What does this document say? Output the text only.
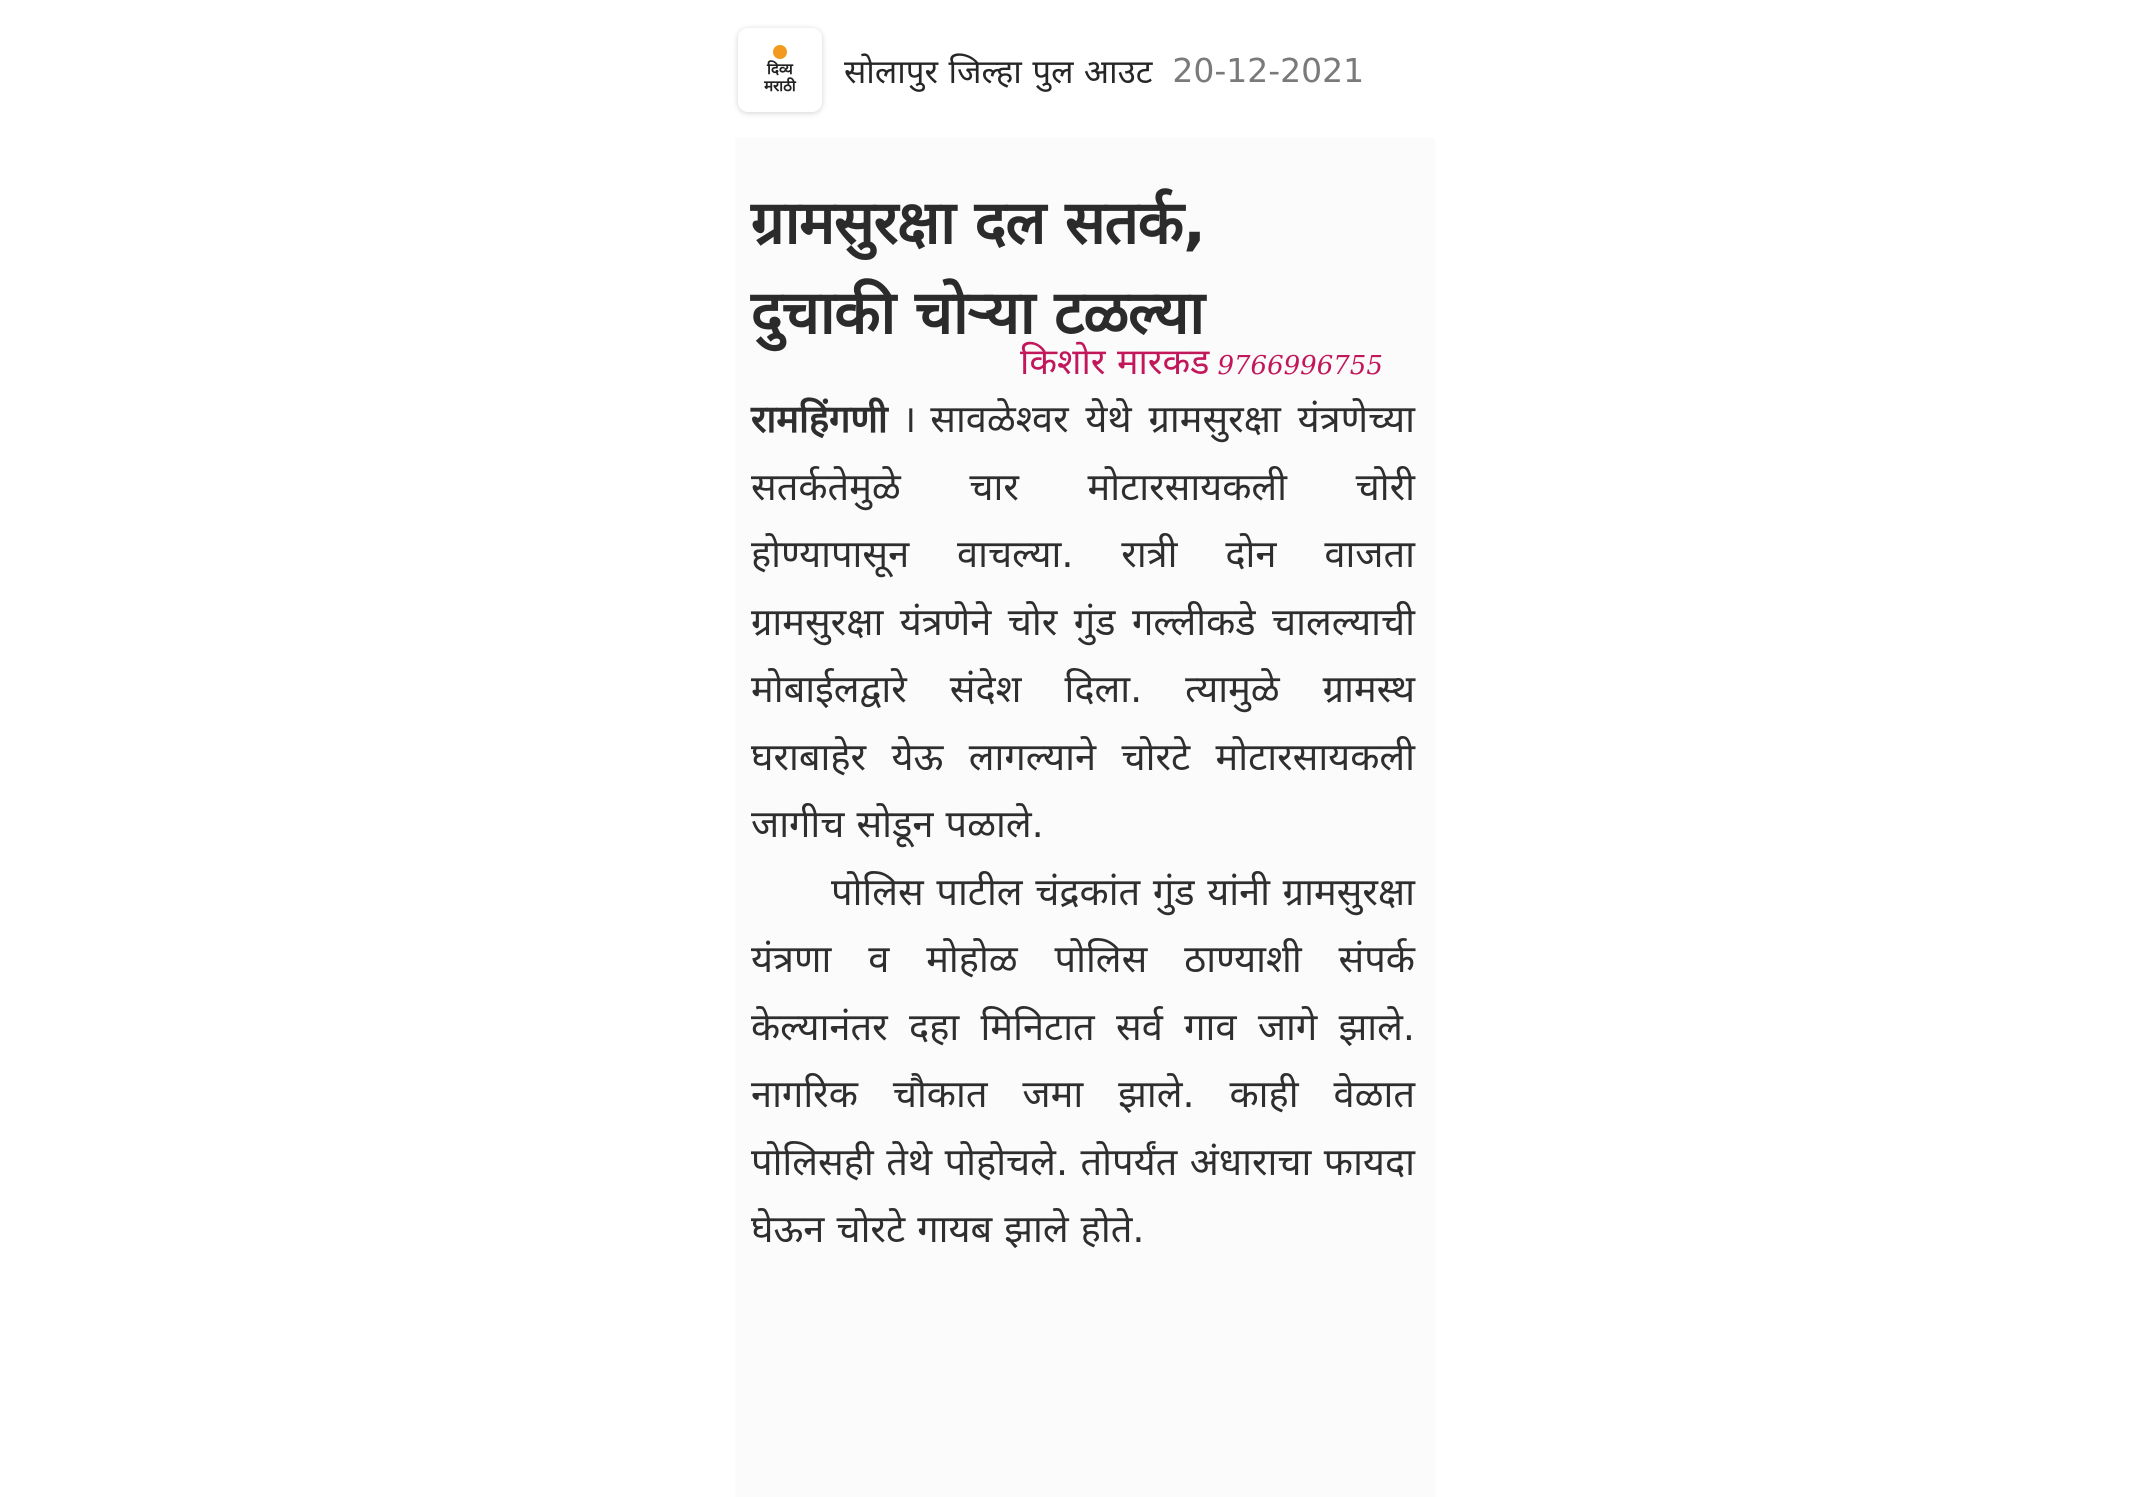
दिव्य
मराठी सोलापुर जिल्हा पुल आउट 20-12-2021
ग्रामसुरक्षा दल सतर्क,
दुचाकी चोऱ्या टळल्या
किशोर मारकड 9766996755

रामहिंगणी । सावळेश्वर येथे ग्रामसुरक्षा यंत्रणेच्या सतर्कतेमुळे चार मोटारसायकली चोरी होण्यापासून वाचल्या. रात्री दोन वाजता ग्रामसुरक्षा यंत्रणेने चोर गुंड गल्लीकडे चालल्याची मोबाईलद्वारे संदेश दिला. त्यामुळे ग्रामस्थ घराबाहेर येऊ लागल्याने चोरटे मोटारसायकली जागीच सोडून पळाले.

पोलिस पाटील चंद्रकांत गुंड यांनी ग्रामसुरक्षा यंत्रणा व मोहोळ पोलिस ठाण्याशी संपर्क केल्यानंतर दहा मिनिटात सर्व गाव जागे झाले. नागरिक चौकात जमा झाले. काही वेळात पोलिसही तेथे पोहोचले. तोपर्यंत अंधाराचा फायदा घेऊन चोरटे गायब झाले होते.
